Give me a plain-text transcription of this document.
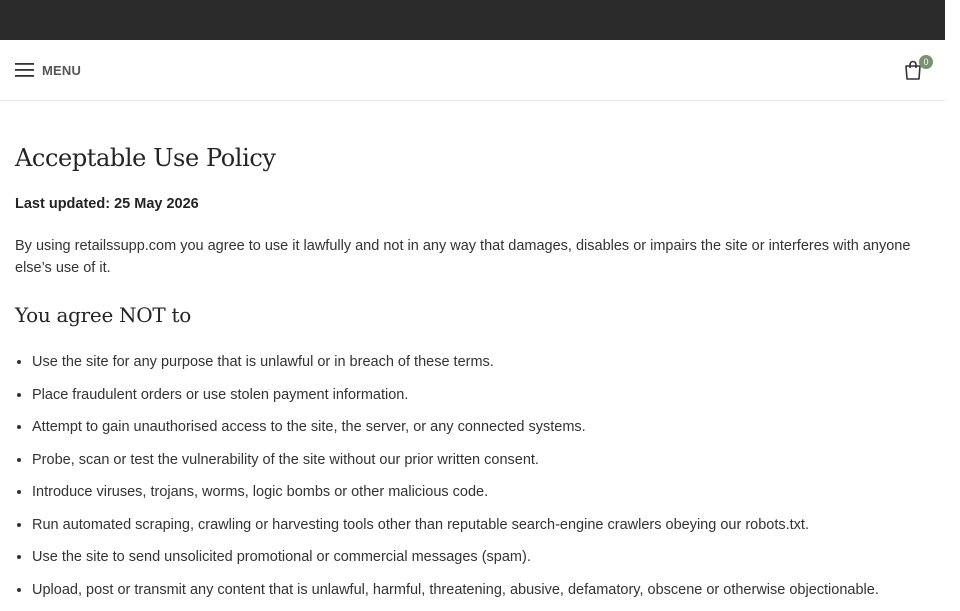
MENU
0
Acceptable Use Policy
Last updated: 25 May 2026

By using retailssupp.com you agree to use it lawfully and not in any way that damages, disables or impairs the site or interferes with anyone else’s use of it.

You agree NOT to
• Use the site for any purpose that is unlawful or in breach of these terms.
• Place fraudulent orders or use stolen payment information.
• Attempt to gain unauthorised access to the site, the server, or any connected systems.
• Probe, scan or test the vulnerability of the site without our prior written consent.
• Introduce viruses, trojans, worms, logic bombs or other malicious code.
• Run automated scraping, crawling or harvesting tools other than reputable search-engine crawlers obeying our robots.txt.
• Use the site to send unsolicited promotional or commercial messages (spam).
• Upload, post or transmit any content that is unlawful, harmful, threatening, abusive, defamatory, obscene or otherwise objectionable.
